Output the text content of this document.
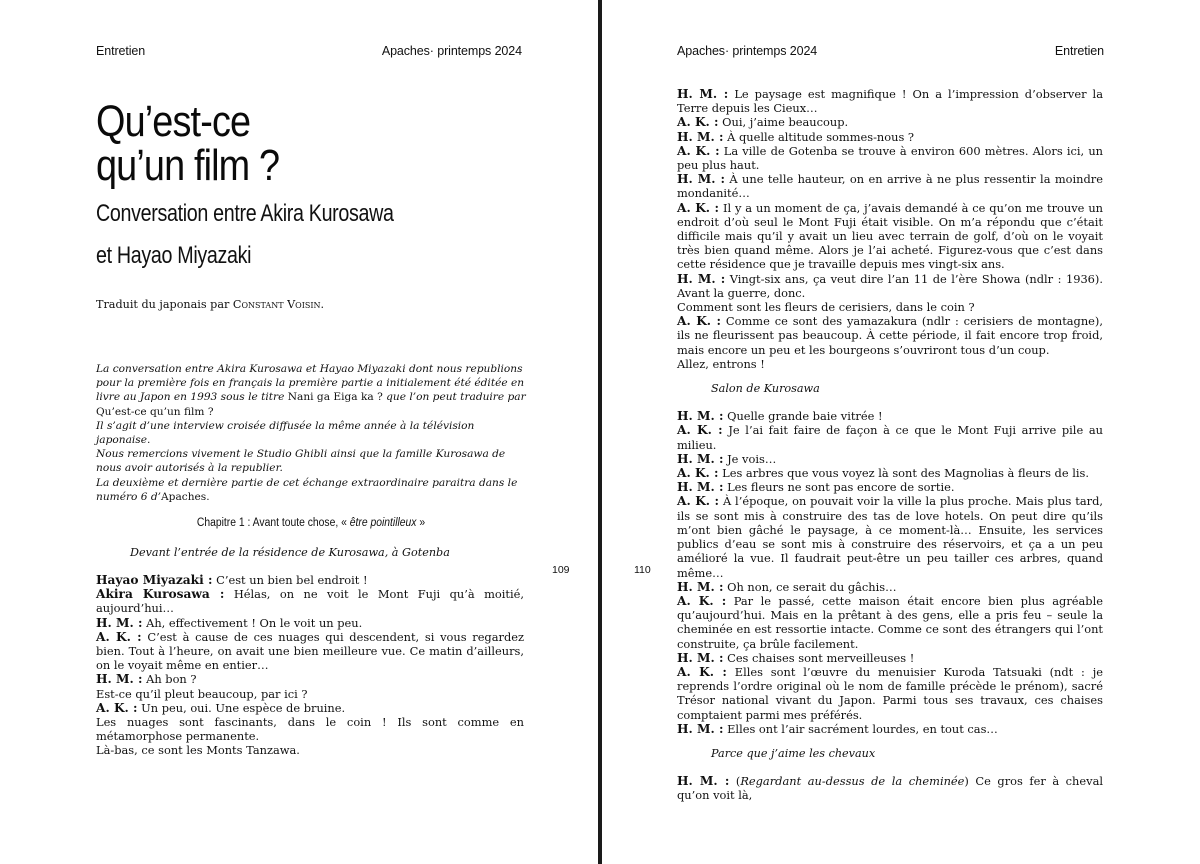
Entretien	Apaches· printemps 2024
Qu’est-ce
qu’un film ?
Conversation entre Akira Kurosawa
et Hayao Miyazaki
Traduit du japonais par Constant Voisin.
La conversation entre Akira Kurosawa et Hayao Miyazaki dont nous republions pour la première fois en français la première partie a initialement été éditée en livre au Japon en 1993 sous le titre Nani ga Eiga ka ? que l’on peut traduire par Qu’est-ce qu’un film ?
Il s’agit d’une interview croisée diffusée la même année à la télévision japonaise.
Nous remercions vivement le Studio Ghibli ainsi que la famille Kurosawa de nous avoir autorisés à la republier.
La deuxième et dernière partie de cet échange extraordinaire paraitra dans le numéro 6 d’Apaches.
Chapitre 1 : Avant toute chose, « être pointilleux »
Devant l’entrée de la résidence de Kurosawa, à Gotenba

Hayao Miyazaki : C’est un bien bel endroit !

Akira Kurosawa : Hélas, on ne voit le Mont Fuji qu’à moitié, aujourd’hui…

H. M. : Ah, effectivement ! On le voit un peu.

A. K. : C’est à cause de ces nuages qui descendent, si vous regardez bien. Tout à l’heure, on avait une bien meilleure vue. Ce matin d’ailleurs, on le voyait même en entier…

H. M. : Ah bon ?

Est-ce qu’il pleut beaucoup, par ici ?

A. K. : Un peu, oui. Une espèce de bruine.

Les nuages sont fascinants, dans le coin ! Ils sont comme en métamorphose permanente.

Là-bas, ce sont les Monts Tanzawa.

109
Apaches· printemps 2024	Entretien
110

H. M. : Le paysage est magnifique ! On a l’impression d’observer la Terre depuis les Cieux…

A. K. : Oui, j’aime beaucoup.

H. M. : À quelle altitude sommes-nous ?

A. K. : La ville de Gotenba se trouve à environ 600 mètres. Alors ici, un peu plus haut.

H. M. : À une telle hauteur, on en arrive à ne plus ressentir la moindre mondanité…

A. K. : Il y a un moment de ça, j’avais demandé à ce qu’on me trouve un endroit d’où seul le Mont Fuji était visible. On m’a répondu que c’était difficile mais qu’il y avait un lieu avec terrain de golf, d’où on le voyait très bien quand même. Alors je l’ai acheté. Figurez-vous que c’est dans cette résidence que je travaille depuis mes vingt-six ans.

H. M. : Vingt-six ans, ça veut dire l’an 11 de l’ère Showa (ndlr : 1936). Avant la guerre, donc.

Comment sont les fleurs de cerisiers, dans le coin ?

A. K. : Comme ce sont des yamazakura (ndlr : cerisiers de montagne), ils ne fleurissent pas beaucoup. À cette période, il fait encore trop froid, mais encore un peu et les bourgeons s’ouvriront tous d’un coup.

Allez, entrons !

Salon de Kurosawa

H. M. : Quelle grande baie vitrée !

A. K. : Je l’ai fait faire de façon à ce que le Mont Fuji arrive pile au milieu.

H. M. : Je vois…

A. K. : Les arbres que vous voyez là sont des Magnolias à fleurs de lis.

H. M. : Les fleurs ne sont pas encore de sortie.

A. K. : À l’époque, on pouvait voir la ville la plus proche. Mais plus tard, ils se sont mis à construire des tas de love hotels. On peut dire qu’ils m’ont bien gâché le paysage, à ce moment-là… Ensuite, les services publics d’eau se sont mis à construire des réservoirs, et ça a un peu amélioré la vue. Il faudrait peut-être un peu tailler ces arbres, quand même…

H. M. : Oh non, ce serait du gâchis…

A. K. : Par le passé, cette maison était encore bien plus agréable qu’aujourd’hui. Mais en la prêtant à des gens, elle a pris feu – seule la cheminée en est ressortie intacte. Comme ce sont des étrangers qui l’ont construite, ça brûle facilement.

H. M. : Ces chaises sont merveilleuses !

A. K. : Elles sont l’œuvre du menuisier Kuroda Tatsuaki (ndt : je reprends l’ordre original où le nom de famille précède le prénom), sacré Trésor national vivant du Japon. Parmi tous ses travaux, ces chaises comptaient parmi mes préférés.

H. M. : Elles ont l’air sacrément lourdes, en tout cas…

Parce que j’aime les chevaux

H. M. : (Regardant au-dessus de la cheminée) Ce gros fer à cheval qu’on voit là,
